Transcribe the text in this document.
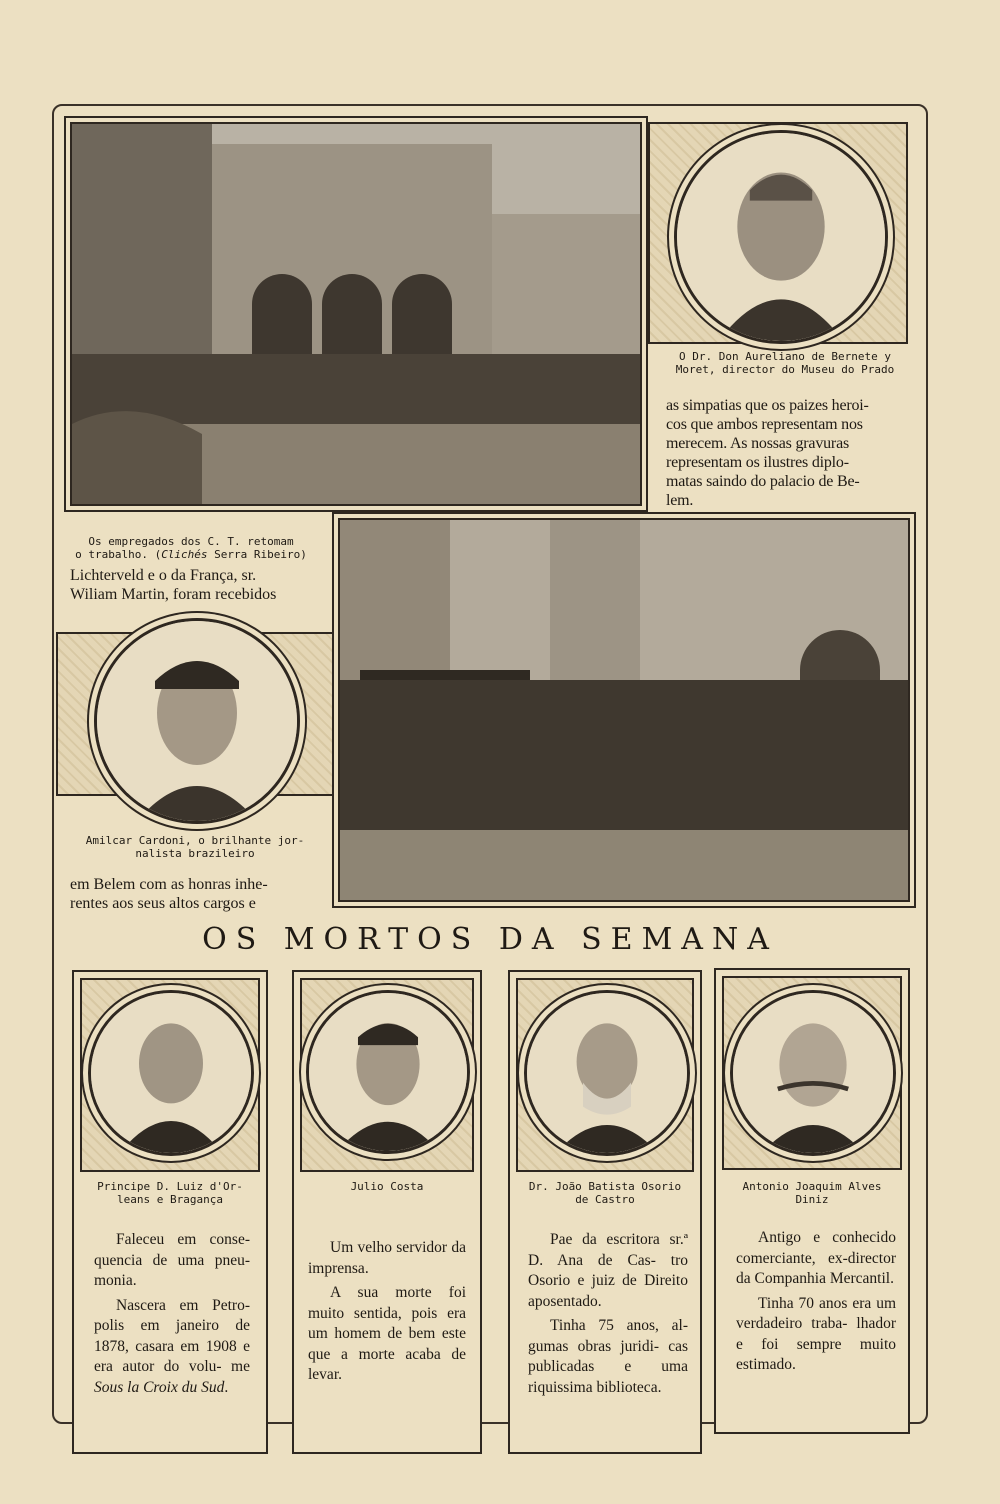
O Dr. Don Aureliano de Bernete y
Moret, director do Museu do Prado
as simpatias que os paizes heroi-
cos que ambos representam nos
merecem. As nossas gravuras
representam os ilustres diplo-
matas saindo do palacio de Be-
lem.
Os empregados dos C. T. retomam
o trabalho. (Clichés Serra Ribeiro)
Lichterveld e o da França, sr.
Wiliam Martin, foram recebidos
Amilcar Cardoni, o brilhante jor-
nalista brazileiro
em Belem com as honras inhe-
rentes aos seus altos cargos e
OS MORTOS DA SEMANA
Principe D. Luiz d'Or-
leans e Bragança

Faleceu em conse- quencia de uma pneu- monia.

Nascera em Petro- polis em janeiro de 1878, casara em 1908 e era autor do volu- me Sous la Croix du Sud.

Julio Costa

Um velho servidor da imprensa.

A sua morte foi muito sentida, pois era um homem de bem este que a morte acaba de levar.

Dr. João Batista Osorio
de Castro

Pae da escritora sr.ª D. Ana de Cas- tro Osorio e juiz de Direito aposentado.

Tinha 75 anos, al- gumas obras juridi- cas publicadas e uma riquissima biblioteca.

Antonio Joaquim Alves
Diniz

Antigo e conhecido comerciante, ex-director da Companhia Mercantil.

Tinha 70 anos era um verdadeiro traba- lhador e foi sempre muito estimado.
